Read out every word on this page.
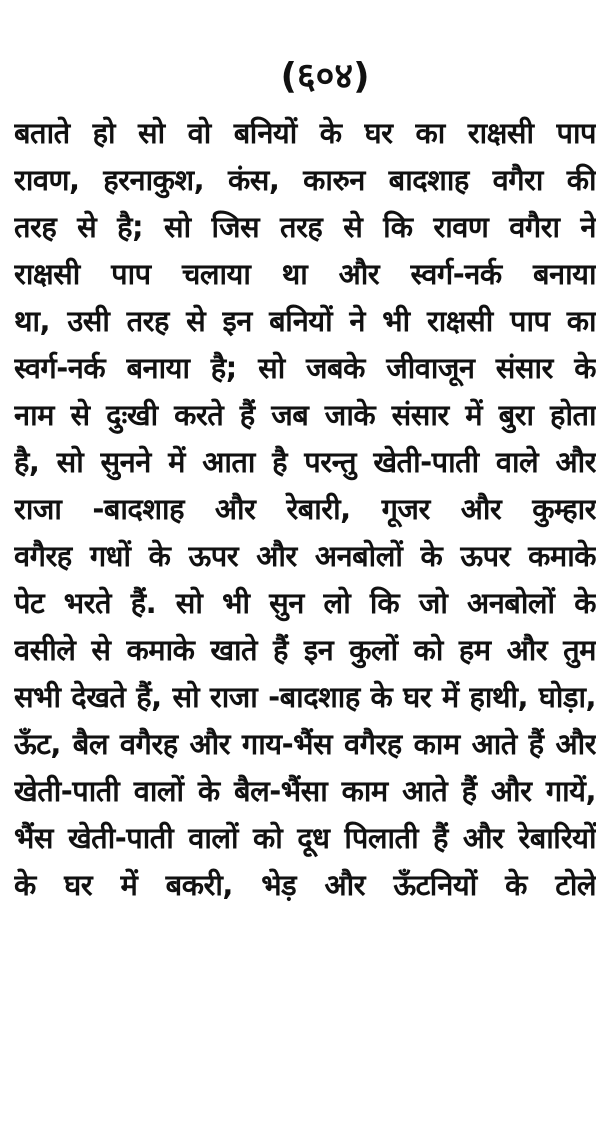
(६०४)
बताते हो सो वो बनियों के घर का राक्षसी पाप
रावण, हरनाकुश, कंस, कारुन बादशाह वगैरा की
तरह से है; सो जिस तरह से कि रावण वगैरा ने
राक्षसी पाप चलाया था और स्वर्ग-नर्क बनाया
था, उसी तरह से इन बनियों ने भी राक्षसी पाप का
स्वर्ग-नर्क बनाया है; सो जबके जीवाजून संसार के
नाम से दुःखी करते हैं जब जाके संसार में बुरा होता
है, सो सुनने में आता है परन्तु खेती-पाती वाले और
राजा -बादशाह और रेबारी, गूजर और कुम्हार
वगैरह गधों के ऊपर और अनबोलों के ऊपर कमाके
पेट भरते हैं. सो भी सुन लो कि जो अनबोलों के
वसीले से कमाके खाते हैं इन कुलों को हम और तुम
सभी देखते हैं, सो राजा -बादशाह के घर में हाथी, घोड़ा,
ऊँट, बैल वगैरह और गाय-भैंस वगैरह काम आते हैं और
खेती-पाती वालों के बैल-भैंसा काम आते हैं और गायें,
भैंस खेती-पाती वालों को दूध पिलाती हैं और रेबारियों
के घर में बकरी, भेड़ और ऊँटनियों के टोले
